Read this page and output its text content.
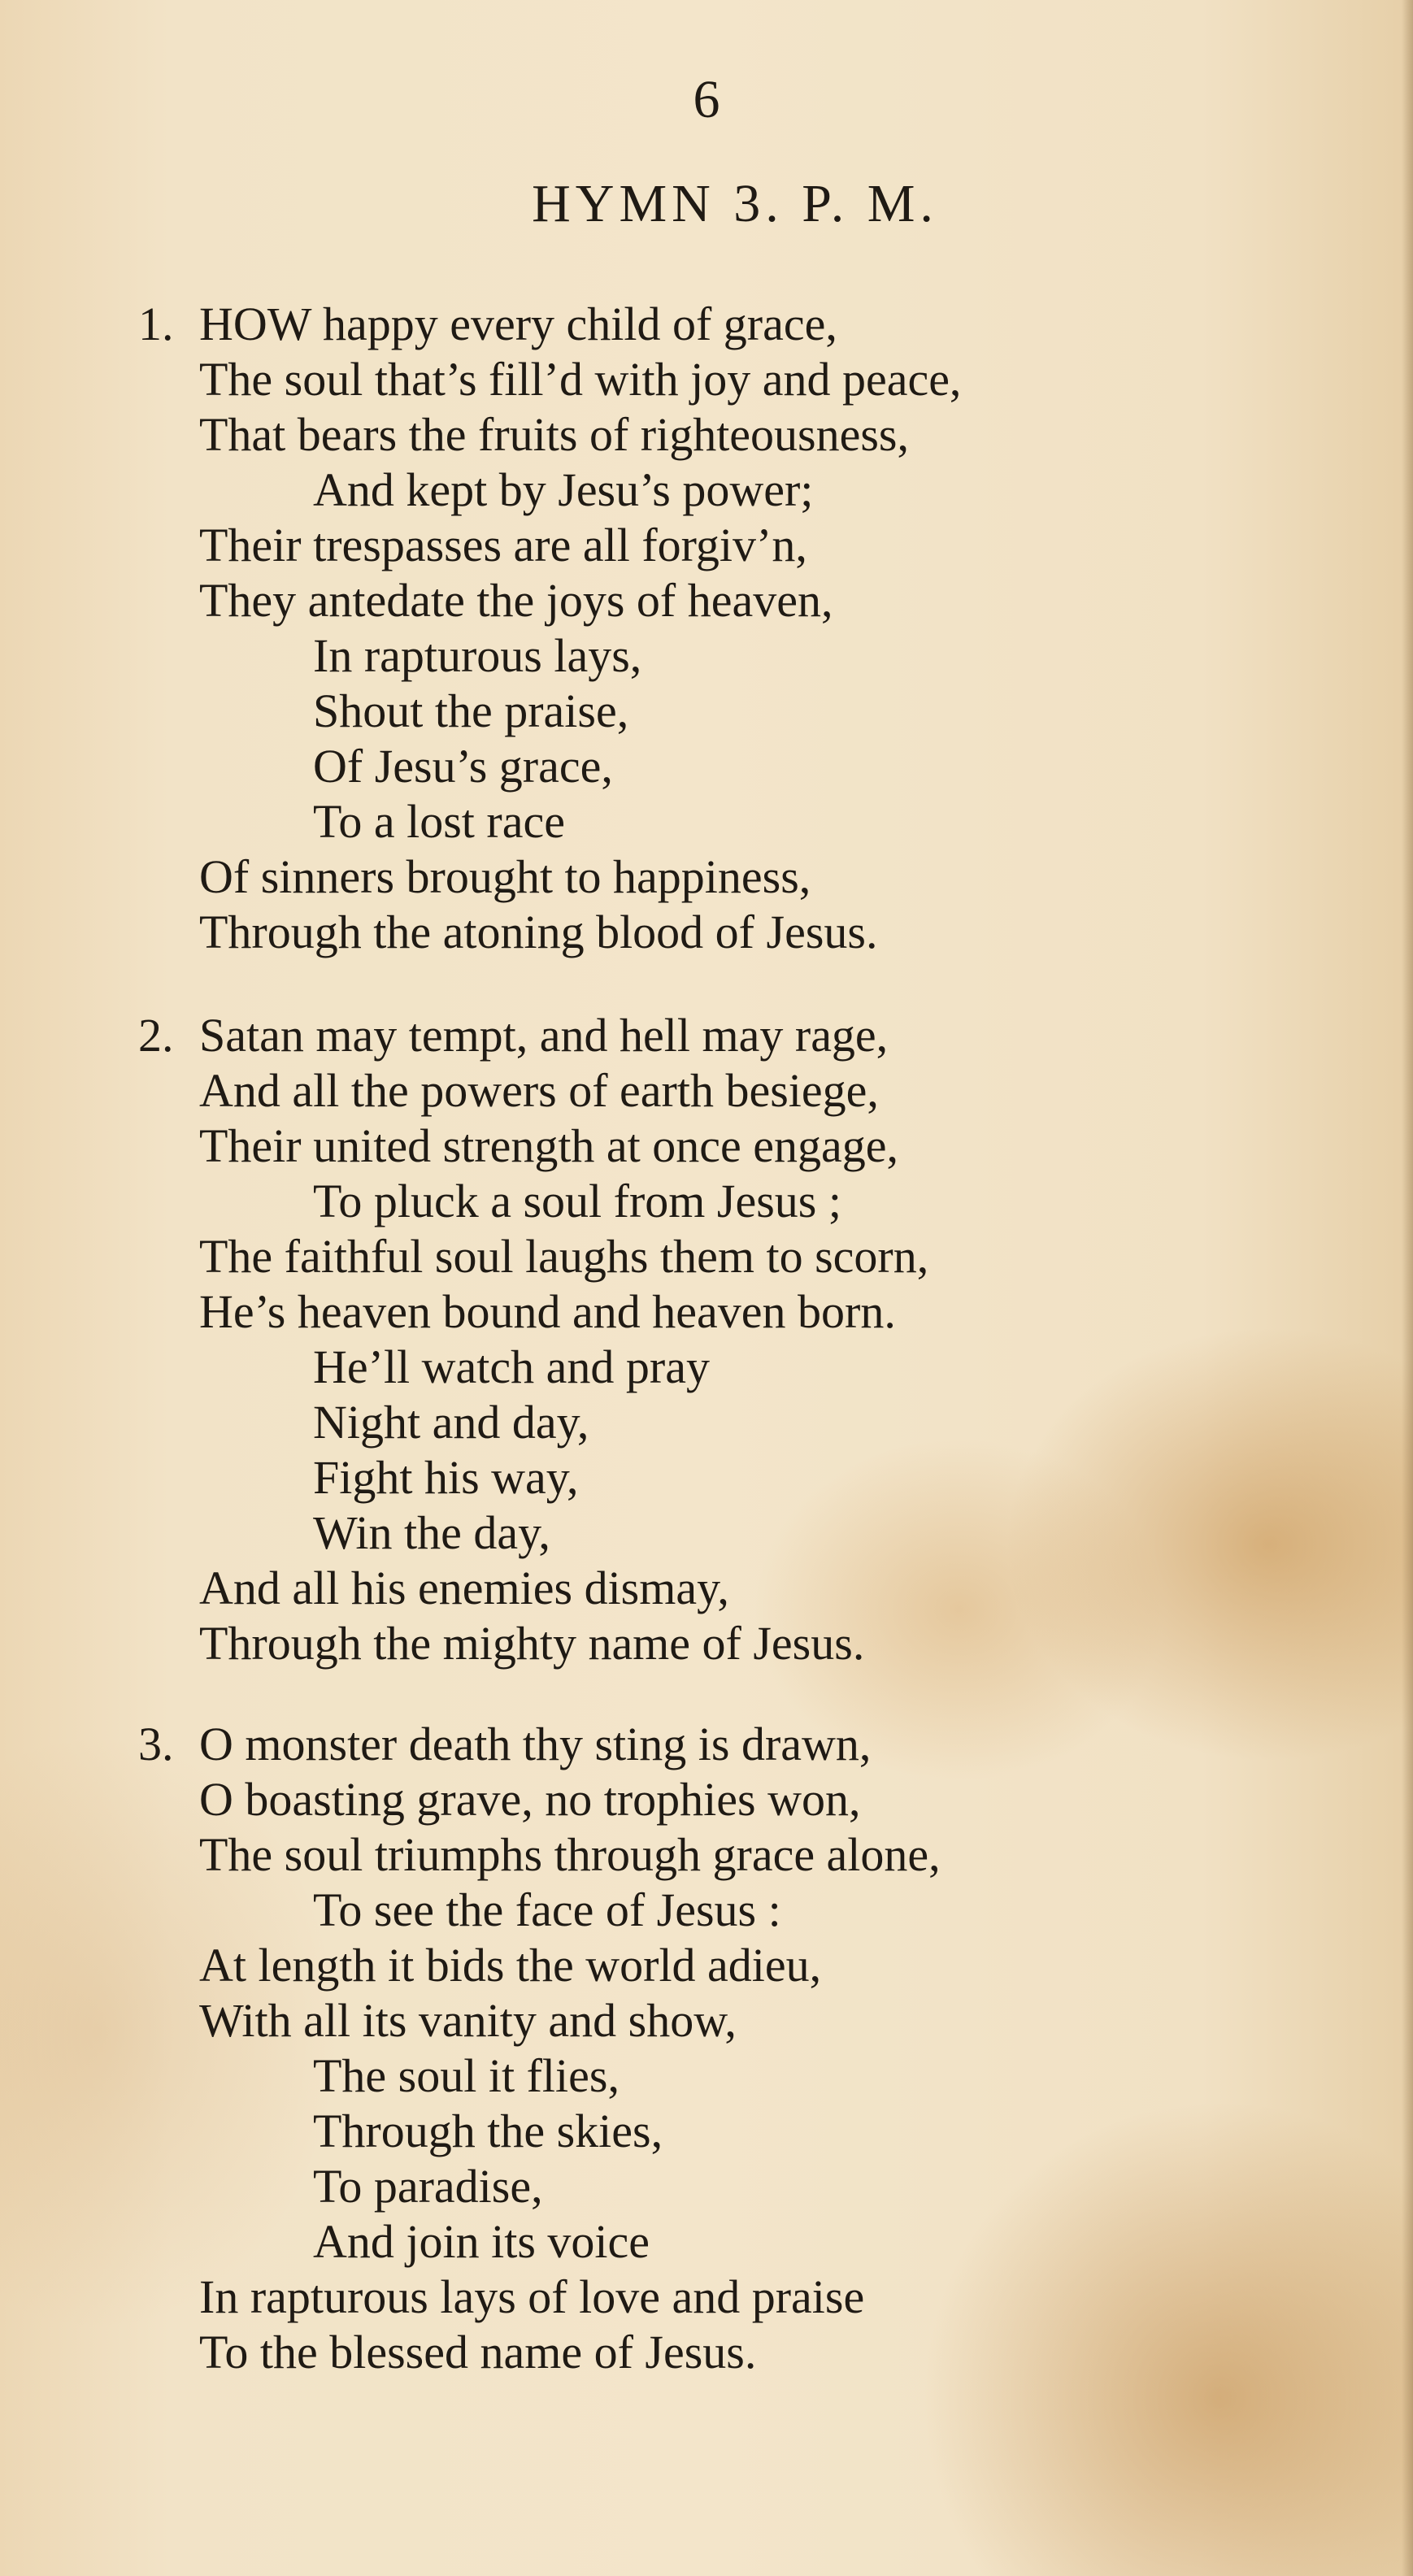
6
HYMN 3. P. M.
1. HOW happy every child of grace,
The soul that’s fill’d with joy and peace,
That bears the fruits of righteousness,
And kept by Jesu’s power;
Their trespasses are all forgiv’n,
They antedate the joys of heaven,
In rapturous lays,
Shout the praise,
Of Jesu’s grace,
To a lost race
Of sinners brought to happiness,
Through the atoning blood of Jesus.
2. Satan may tempt, and hell may rage,
And all the powers of earth besiege,
Their united strength at once engage,
To pluck a soul from Jesus ;
The faithful soul laughs them to scorn,
He’s heaven bound and heaven born.
He’ll watch and pray
Night and day,
Fight his way,
Win the day,
And all his enemies dismay,
Through the mighty name of Jesus.
3. O monster death thy sting is drawn,
O boasting grave, no trophies won,
The soul triumphs through grace alone,
To see the face of Jesus :
At length it bids the world adieu,
With all its vanity and show,
The soul it flies,
Through the skies,
To paradise,
And join its voice
In rapturous lays of love and praise
To the blessed name of Jesus.
